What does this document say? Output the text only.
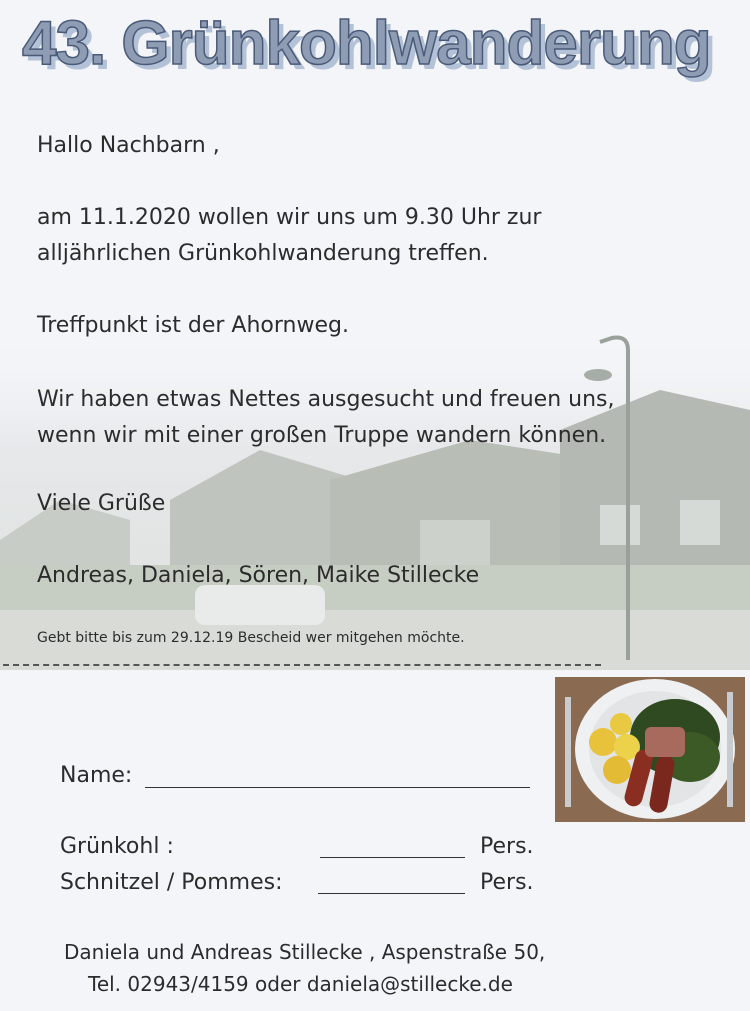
43. Grünkohlwanderung
Hallo Nachbarn ,
am 11.1.2020 wollen wir uns um 9.30 Uhr zur
alljährlichen Grünkohlwanderung treffen.
Treffpunkt ist der Ahornweg.
Wir haben etwas Nettes ausgesucht und freuen uns,
wenn wir mit einer großen Truppe wandern können.
Viele Grüße
Andreas, Daniela, Sören, Maike Stillecke
Gebt bitte bis zum 29.12.19 Bescheid wer mitgehen möchte.
Name:
Grünkohl :	Pers.
Schnitzel / Pommes:	Pers.
Daniela und Andreas Stillecke , Aspenstraße 50,
Tel. 02943/4159 oder daniela@stillecke.de
